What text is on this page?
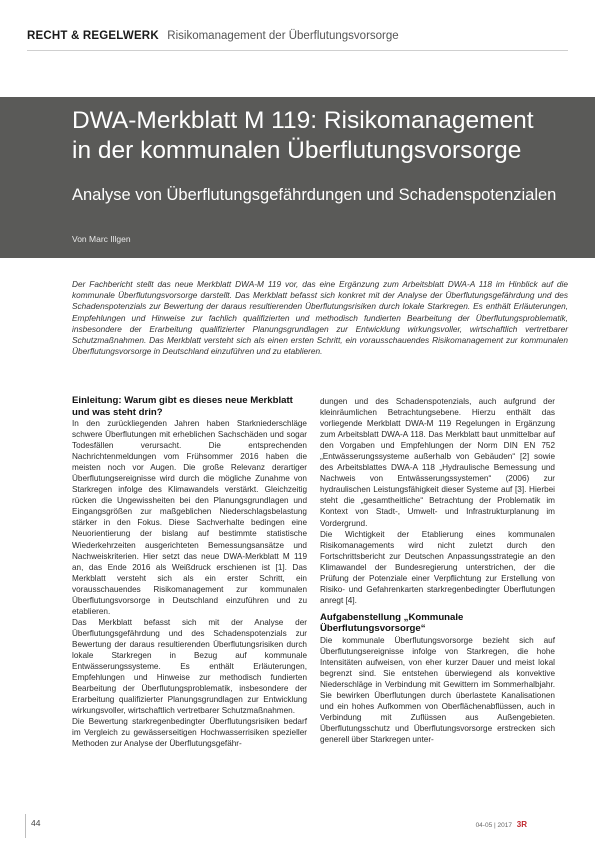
RECHT & REGELWERK Risikomanagement der Überflutungsvorsorge
DWA-Merkblatt M 119: Risikomanagement
in der kommunalen Überflutungsvorsorge
Analyse von Überflutungsgefährdungen und Schadenspotenzialen
Von Marc Illgen

Der Fachbericht stellt das neue Merkblatt DWA-M 119 vor, das eine Ergänzung zum Arbeitsblatt DWA-A 118 im Hinblick auf die kommunale Überflutungsvorsorge darstellt. Das Merkblatt befasst sich konkret mit der Analyse der Überflutungsgefährdung und des Schadenspotenzials zur Bewertung der daraus resultierenden Überflutungsrisiken durch lokale Starkregen. Es enthält Erläuterungen, Empfehlungen und Hinweise zur fachlich qualifizierten und methodisch fundierten Bearbeitung der Überflutungsproblematik, insbesondere der Erarbeitung qualifizierter Planungsgrundlagen zur Entwicklung wirkungsvoller, wirtschaftlich vertretbarer Schutzmaßnahmen. Das Merkblatt versteht sich als einen ersten Schritt, ein vorausschauendes Risikomanagement zur kommunalen Überflutungsvorsorge in Deutschland einzuführen und zu etablieren.

Einleitung: Warum gibt es dieses neue Merkblatt und was steht drin?

In den zurückliegenden Jahren haben Starkniederschläge schwere Überflutungen mit erheblichen Sachschäden und sogar Todesfällen verursacht. Die entsprechenden Nachrichtenmeldungen vom Frühsommer 2016 haben die meisten noch vor Augen. Die große Relevanz derartiger Überflutungsereignisse wird durch die mögliche Zunahme von Starkregen infolge des Klimawandels verstärkt. Gleichzeitig rücken die Ungewissheiten bei den Planungsgrundlagen und Eingangsgrößen zur maßgeblichen Niederschlagsbelastung stärker in den Fokus. Diese Sachverhalte bedingen eine Neuorientierung der bislang auf bestimmte statistische Wiederkehrzeiten ausgerichteten Bemessungsansätze und Nachweiskriterien. Hier setzt das neue DWA-Merkblatt M 119 an, das Ende 2016 als Weißdruck erschienen ist [1]. Das Merkblatt versteht sich als ein erster Schritt, ein vorausschauendes Risikomanagement zur kommunalen Überflutungsvorsorge in Deutschland einzuführen und zu etablieren.

Das Merkblatt befasst sich mit der Analyse der Überflutungsgefährdung und des Schadenspotenzials zur Bewertung der daraus resultierenden Überflutungsrisiken durch lokale Starkregen in Bezug auf kommunale Entwässerungssysteme. Es enthält Erläuterungen, Empfehlungen und Hinweise zur methodisch fundierten Bearbeitung der Überflutungsproblematik, insbesondere der Erarbeitung qualifizierter Planungsgrundlagen zur Entwicklung wirkungsvoller, wirtschaftlich vertretbarer Schutzmaßnahmen.

Die Bewertung starkregenbedingter Überflutungsrisiken bedarf im Vergleich zu gewässerseitigen Hochwasserrisiken spezieller Methoden zur Analyse der Überflutungsgefähr-

dungen und des Schadenspotenzials, auch aufgrund der kleinräumlichen Betrachtungsebene. Hierzu enthält das vorliegende Merkblatt DWA-M 119 Regelungen in Ergänzung zum Arbeitsblatt DWA-A 118. Das Merkblatt baut unmittelbar auf den Vorgaben und Empfehlungen der Norm DIN EN 752 „Entwässerungssysteme außerhalb von Gebäuden“ [2] sowie des Arbeitsblattes DWA-A 118 „Hydraulische Bemessung und Nachweis von Entwässerungssystemen“ (2006) zur hydraulischen Leistungsfähigkeit dieser Systeme auf [3]. Hierbei steht die „gesamtheitliche“ Betrachtung der Problematik im Kontext von Stadt-, Umwelt- und Infrastrukturplanung im Vordergrund.

Die Wichtigkeit der Etablierung eines kommunalen Risikomanagements wird nicht zuletzt durch den Fortschrittsbericht zur Deutschen Anpassungsstrategie an den Klimawandel der Bundesregierung unterstrichen, der die Prüfung der Potenziale einer Verpflichtung zur Erstellung von Risiko- und Gefahrenkarten starkregenbedingter Überflutungen anregt [4].

Aufgabenstellung „Kommunale Überflutungsvorsorge“

Die kommunale Überflutungsvorsorge bezieht sich auf Überflutungsereignisse infolge von Starkregen, die hohe Intensitäten aufweisen, von eher kurzer Dauer und meist lokal begrenzt sind. Sie entstehen überwiegend als konvektive Niederschläge in Verbindung mit Gewittern im Sommerhalbjahr. Sie bewirken Überflutungen durch überlastete Kanalisationen und ein hohes Aufkommen von Oberflächenabflüssen, auch in Verbindung mit Zuflüssen aus Außengebieten. Überflutungsschutz und Überflutungsvorsorge erstrecken sich generell über Starkregen unter-

44	04-05 | 2017 3R
